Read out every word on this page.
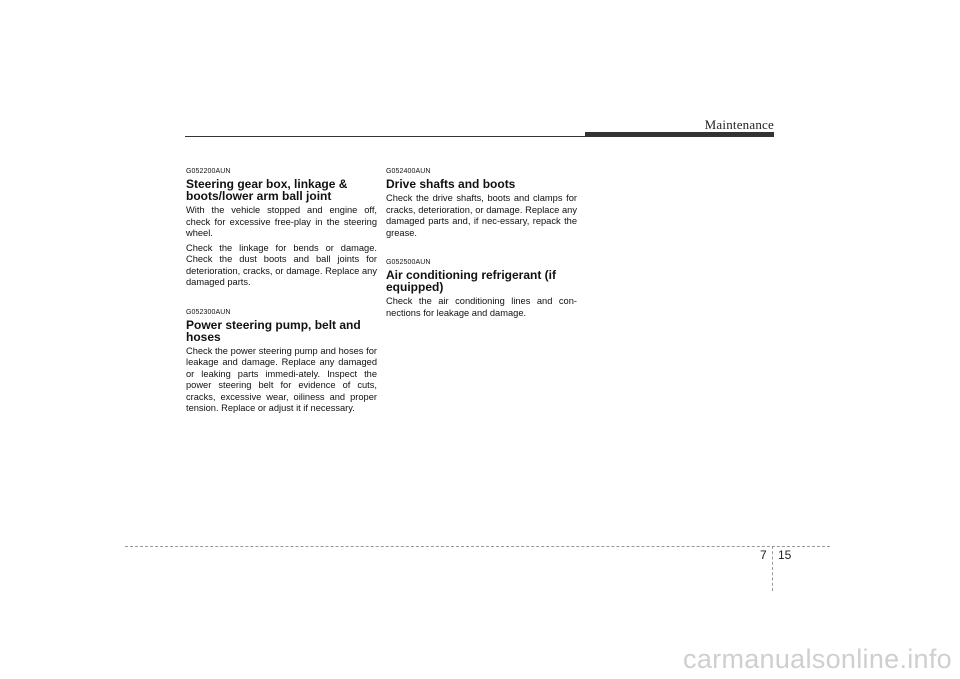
Maintenance
G052200AUN
Steering gear box, linkage & boots/lower arm ball joint

With the vehicle stopped and engine off, check for excessive free-play in the steering wheel.

Check the linkage for bends or damage. Check the dust boots and ball joints for deterioration, cracks, or damage. Replace any damaged parts.

G052300AUN
Power steering pump, belt and hoses

Check the power steering pump and hoses for leakage and damage. Replace any damaged or leaking parts immedi-ately. Inspect the power steering belt for evidence of cuts, cracks, excessive wear, oiliness and proper tension. Replace or adjust it if necessary.

G052400AUN
Drive shafts and boots

Check the drive shafts, boots and clamps for cracks, deterioration, or damage. Replace any damaged parts and, if nec-essary, repack the grease.

G052500AUN
Air conditioning refrigerant (if equipped)

Check the air conditioning lines and con-nections for leakage and damage.

7 15
carmanualsonline.info
